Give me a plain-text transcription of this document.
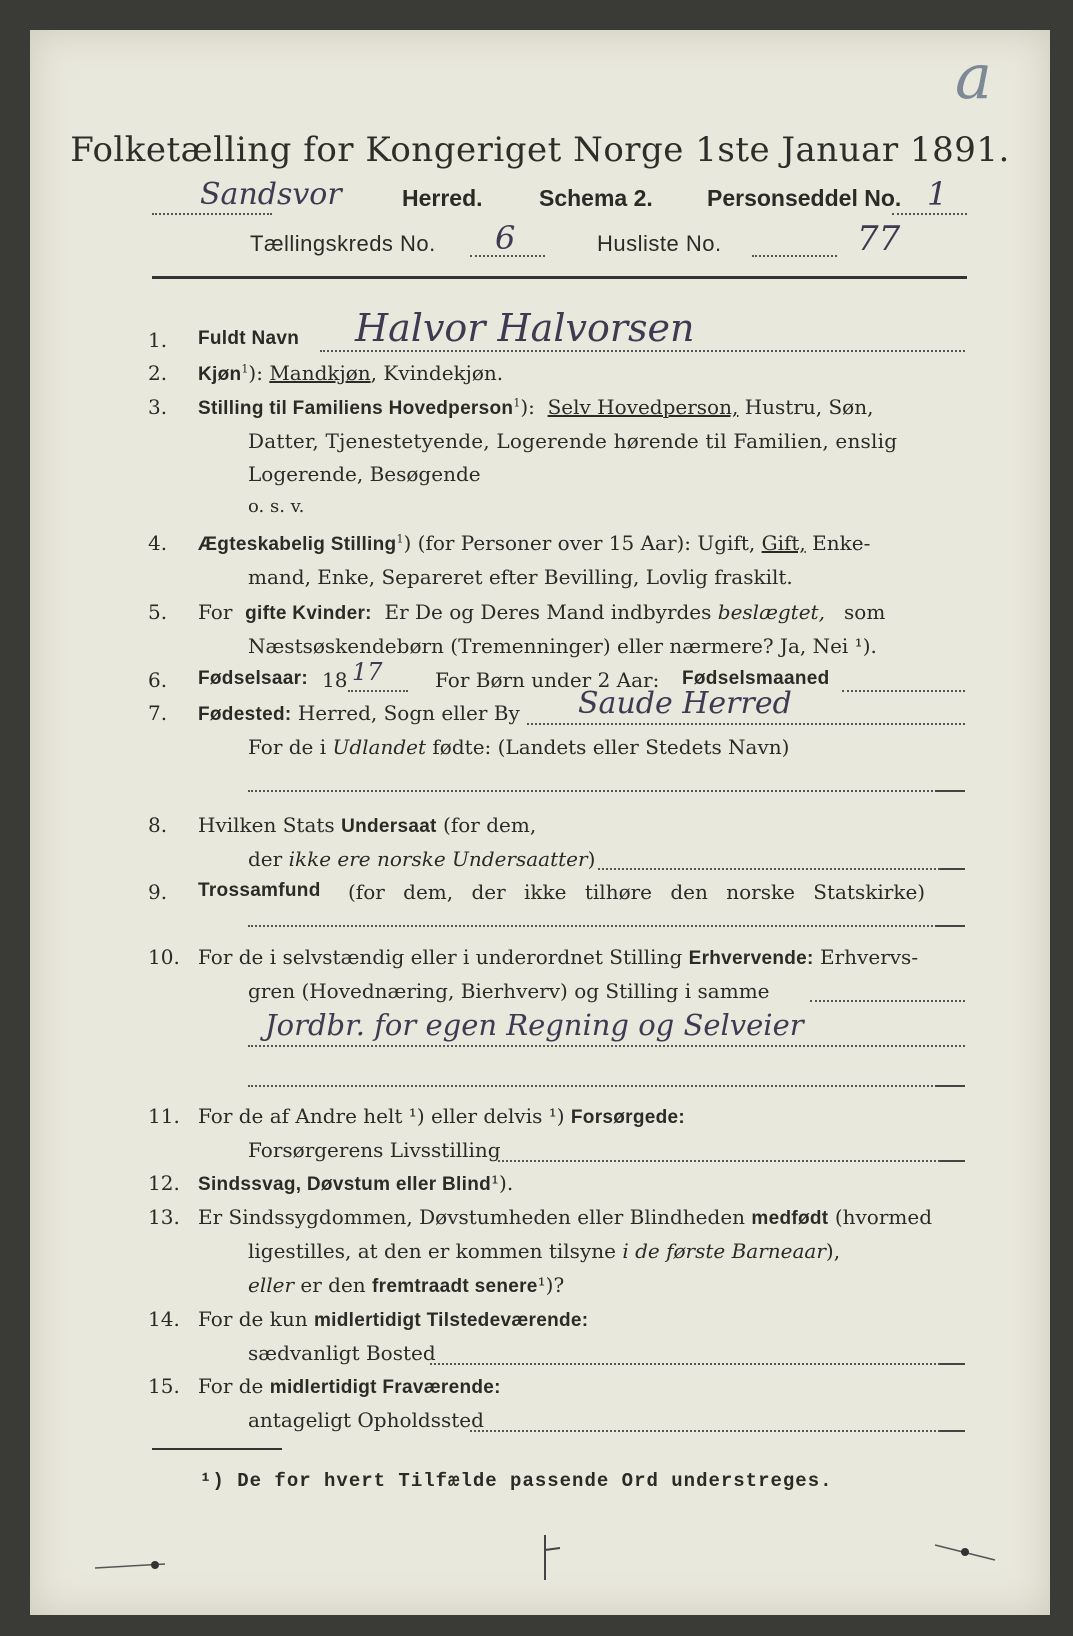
a
Folketælling for Kongeriget Norge 1ste Januar 1891.
Sandsvor	Herred. Schema 2. Personseddel No. 1
Tællingskreds No. 6	Husliste No.	77
1. Fuldt Navn Halvor Halvorsen
2. Kjøn$^1$): Mandkjøn, Kvindekjøn.
3. Stilling til Familiens Hovedperson$^1$): Selv Hovedperson, Hustru, Søn,
Datter, Tjenestetyende, Logerende hørende til Familien, enslig
Logerende, Besøgende
o. s. v.
4. Ægteskabelig Stilling$^1$) (for Personer over 15 Aar): Ugift, Gift, Enke-
mand, Enke, Separeret efter Bevilling, Lovlig fraskilt.
5. For gifte Kvinder: Er De og Deres Mand indbyrdes beslægtet, som
Næstsøskendebørn (Tremenninger) eller nærmere? Ja, Nei ¹).
6. Fødselsaar: 18 17	For Børn under 2 Aar: Fødselsmaaned
7. Fødested: Herred, Sogn eller By Saude Herred
For de i Udlandet fødte: (Landets eller Stedets Navn)
8. Hvilken Stats Undersaat (for dem,
der ikke ere norske Undersaatter)
9. Trossamfund (for dem, der ikke tilhøre den norske Statskirke)
10. For de i selvstændig eller i underordnet Stilling Erhvervende: Erhvervs-
gren (Hovednæring, Bierhverv) og Stilling i samme
Jordbr. for egen Regning og Selveier
11. For de af Andre helt ¹) eller delvis ¹) Forsørgede:
Forsørgerens Livsstilling
12. Sindssvag, Døvstum eller Blind¹).
13. Er Sindssygdommen, Døvstumheden eller Blindheden medfødt (hvormed
ligestilles, at den er kommen tilsyne i de første Barneaar),
eller er den fremtraadt senere¹)?
14. For de kun midlertidigt Tilstedeværende:
sædvanligt Bosted
15. For de midlertidigt Fraværende:
antageligt Opholdssted
¹) De for hvert Tilfælde passende Ord understreges.
